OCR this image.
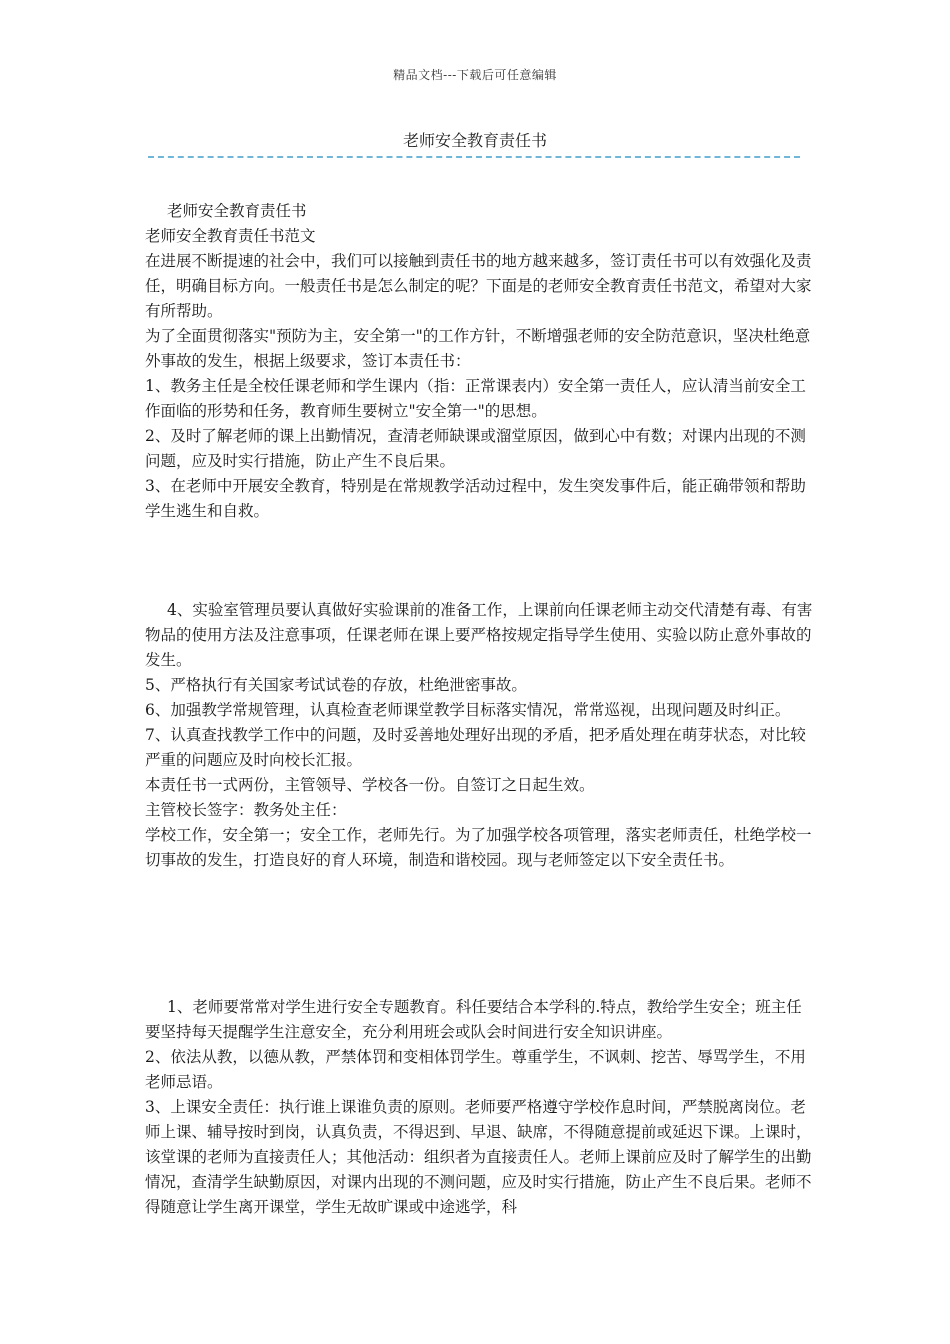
精品文档---下载后可任意编辑
老师安全教育责任书

老师安全教育责任书

老师安全教育责任书范文

在进展不断提速的社会中，我们可以接触到责任书的地方越来越多，签订责任书可以有效强化及责任，明确目标方向。一般责任书是怎么制定的呢？下面是的老师安全教育责任书范文，希望对大家有所帮助。

为了全面贯彻落实"预防为主，安全第一"的工作方针，不断增强老师的安全防范意识，坚决杜绝意外事故的发生，根据上级要求，签订本责任书：

1、教务主任是全校任课老师和学生课内（指：正常课表内）安全第一责任人，应认清当前安全工作面临的形势和任务，教育师生要树立"安全第一"的思想。

2、及时了解老师的课上出勤情况，查清老师缺课或溜堂原因，做到心中有数；对课内出现的不测问题，应及时实行措施，防止产生不良后果。

3、在老师中开展安全教育，特别是在常规教学活动过程中，发生突发事件后，能正确带领和帮助学生逃生和自救。

4、实验室管理员要认真做好实验课前的准备工作，上课前向任课老师主动交代清楚有毒、有害物品的使用方法及注意事项，任课老师在课上要严格按规定指导学生使用、实验以防止意外事故的发生。

5、严格执行有关国家考试试卷的存放，杜绝泄密事故。

6、加强教学常规管理，认真检查老师课堂教学目标落实情况，常常巡视，出现问题及时纠正。

7、认真查找教学工作中的问题，及时妥善地处理好出现的矛盾，把矛盾处理在萌芽状态，对比较严重的问题应及时向校长汇报。

本责任书一式两份，主管领导、学校各一份。自签订之日起生效。

主管校长签字：教务处主任：

学校工作，安全第一；安全工作，老师先行。为了加强学校各项管理，落实老师责任，杜绝学校一切事故的发生，打造良好的育人环境，制造和谐校园。现与老师签定以下安全责任书。

1、老师要常常对学生进行安全专题教育。科任要结合本学科的.特点，教给学生安全；班主任要坚持每天提醒学生注意安全，充分利用班会或队会时间进行安全知识讲座。

2、依法从教，以德从教，严禁体罚和变相体罚学生。尊重学生，不讽刺、挖苦、辱骂学生，不用老师忌语。

3、上课安全责任：执行谁上课谁负责的原则。老师要严格遵守学校作息时间，严禁脱离岗位。老师上课、辅导按时到岗，认真负责，不得迟到、早退、缺席，不得随意提前或延迟下课。上课时，该堂课的老师为直接责任人；其他活动：组织者为直接责任人。老师上课前应及时了解学生的出勤情况，查清学生缺勤原因，对课内出现的不测问题，应及时实行措施，防止产生不良后果。老师不得随意让学生离开课堂，学生无故旷课或中途逃学，科
